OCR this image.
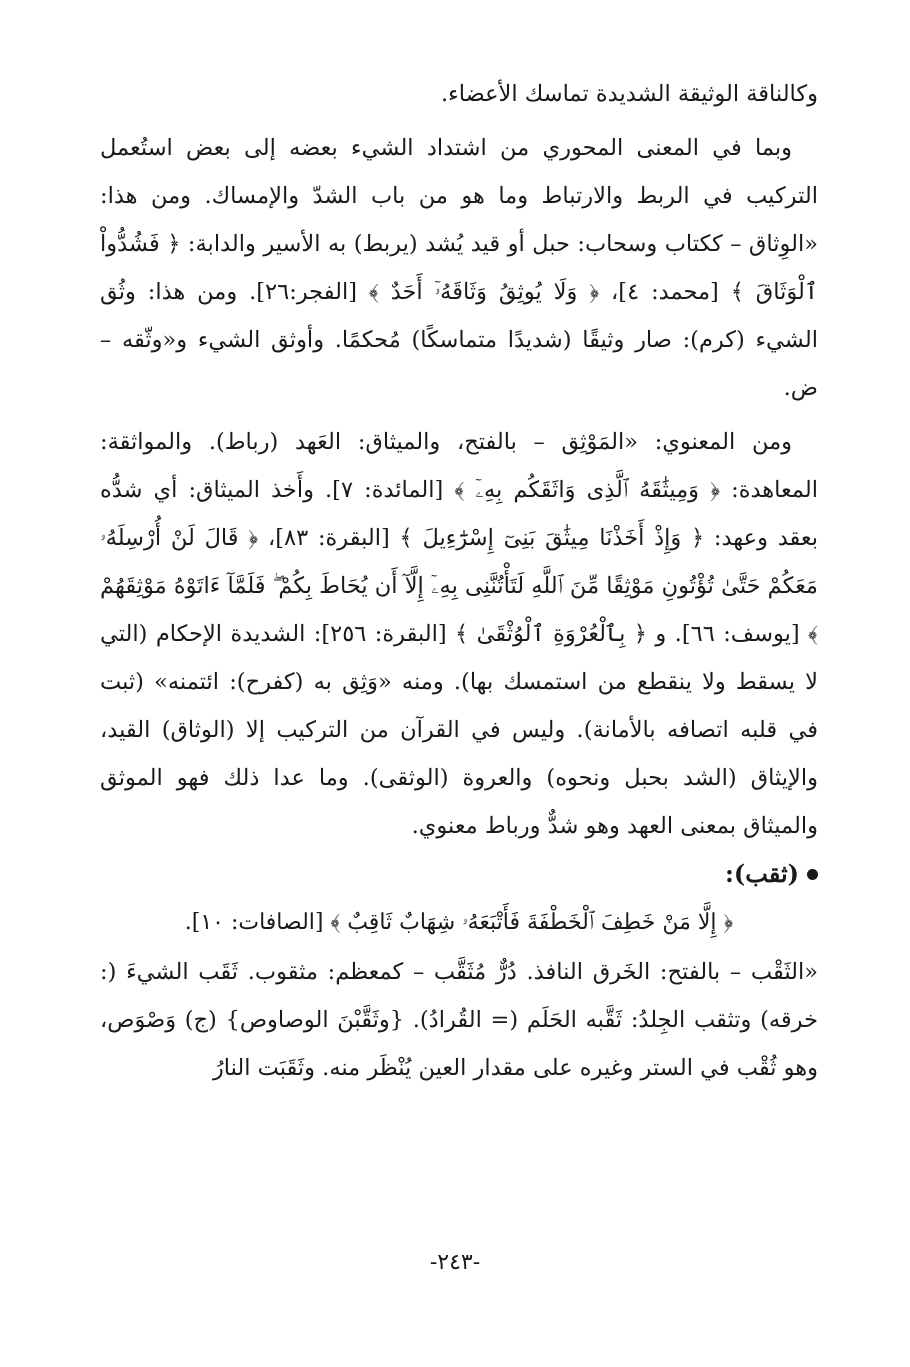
وكالناقة الوثيقة الشديدة تماسك الأعضاء.

وبما في المعنى المحوري من اشتداد الشيء بعضه إلى بعض استُعمل التركيب في الربط والارتباط وما هو من باب الشدّ والإمساك. ومن هذا: «الوِثاق – ككتاب وسحاب: حبل أو قيد يُشد (يربط) به الأسير والدابة: ﴿ فَشُدُّواْ ٱلْوَثَاقَ ﴾ [محمد: ٤]، ﴿ وَلَا يُوثِقُ وَثَاقَهُۥٓ أَحَدٌ ﴾ [الفجر:٢٦]. ومن هذا: وثُق الشيء (كرم): صار وثيقًا (شديدًا متماسكًا) مُحكمًا. وأوثق الشيء و«وثّقه – ض.

ومن المعنوي: «المَوْثِق – بالفتح، والميثاق: العَهد (رباط). والمواثقة: المعاهدة: ﴿ وَمِيثَٰقَهُ ٱلَّذِى وَاثَقَكُم بِهِۦٓ ﴾ [المائدة: ٧]. وأَخذ الميثاق: أي شدُّه بعقد وعهد: ﴿ وَإِذْ أَخَذْنَا مِيثَٰقَ بَنِىٓ إِسْرَٰٓءِيلَ ﴾ [البقرة: ٨٣]، ﴿ قَالَ لَنْ أُرْسِلَهُۥ مَعَكُمْ حَتَّىٰ تُؤْتُونِ مَوْثِقًا مِّنَ ٱللَّهِ لَتَأْتُنَّنِى بِهِۦٓ إِلَّآ أَن يُحَاطَ بِكُمْ ۖ فَلَمَّآ ءَاتَوْهُ مَوْثِقَهُمْ ﴾ [يوسف: ٦٦]. و ﴿ بِٱلْعُرْوَةِ ٱلْوُثْقَىٰ ﴾ [البقرة: ٢٥٦]: الشديدة الإحكام (التي لا يسقط ولا ينقطع من استمسك بها). ومنه «وَثِق به (كفرح): ائتمنه» (ثبت في قلبه اتصافه بالأمانة). وليس في القرآن من التركيب إلا (الوثاق) القيد، والإيثاق (الشد بحبل ونحوه) والعروة (الوثقى). وما عدا ذلك فهو الموثق والميثاق بمعنى العهد وهو شدٌّ ورباط معنوي.

(ثقب):

﴿ إِلَّا مَنْ خَطِفَ ٱلْخَطْفَةَ فَأَتْبَعَهُۥ شِهَابٌ ثَاقِبٌ ﴾ [الصافات: ١٠].

«الثَقْب – بالفتح: الخَرق النافذ. دُرٌّ مُثَقَّب – كمعظم: مثقوب. ثَقَب الشيءَ (: خرقه) وتثقب الجِلدُ: ثَقَّبه الحَلَم (= القُرادُ). {وثَقَّبْنَ الوصاوص} (ج) وَصْوَص، وهو ثُقْب في الستر وغيره على مقدار العين يُنْظَر منه. وثَقَبَت النارُ

-٢٤٣-
